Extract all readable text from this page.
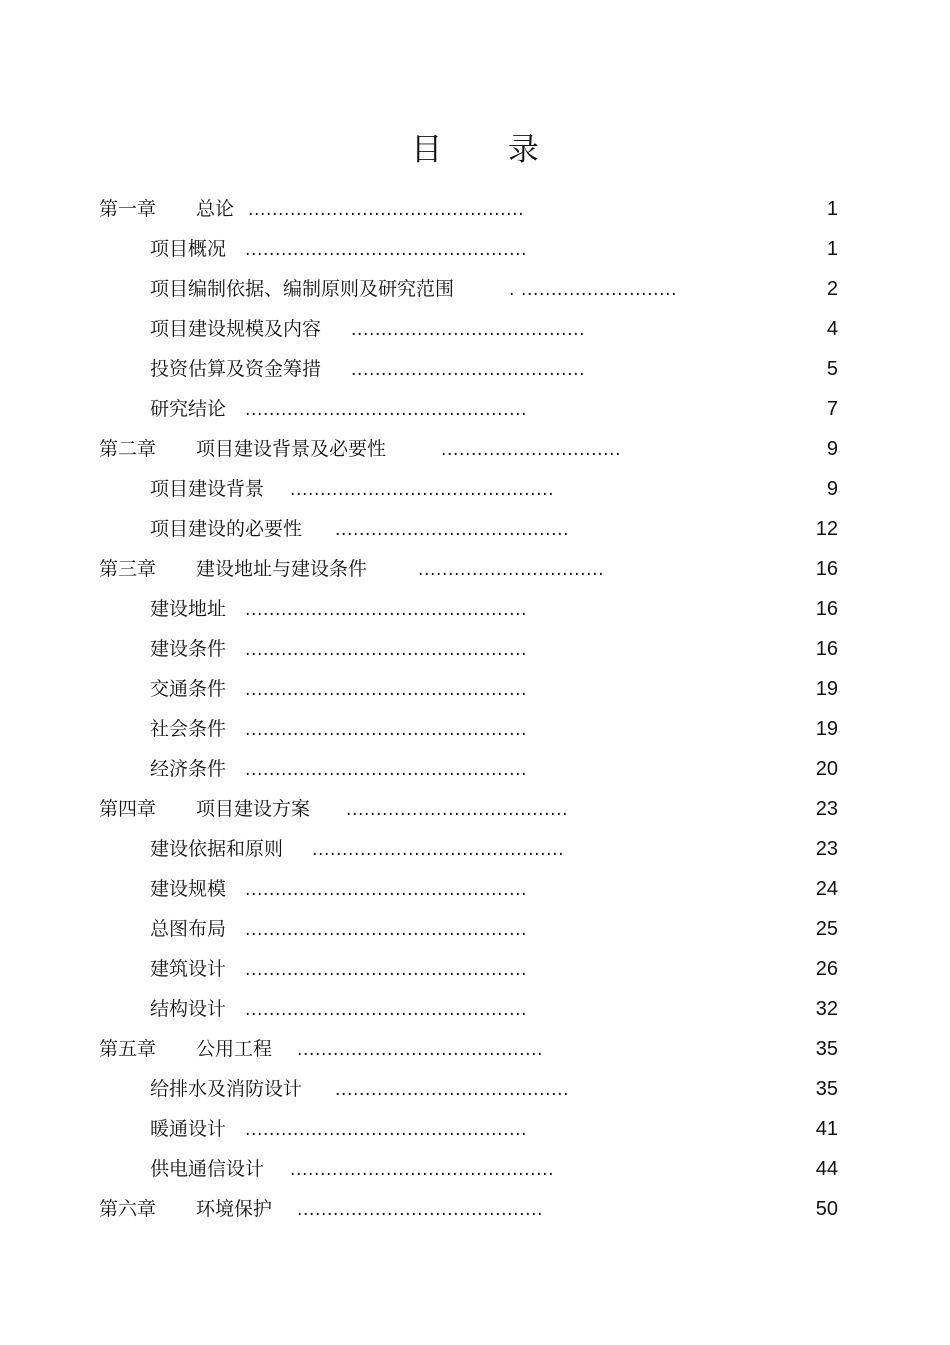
目 录
第一章 总论 ..............................................	1
项目概况 ...............................................	1
项目编制依据、编制原则及研究范围	. ..........................	2
项目建设规模及内容 .......................................	4
投资估算及资金筹措 .......................................	5
研究结论 ...............................................	7
第二章 项目建设背景及必要性	..............................	9
项目建设背景 ............................................	9
项目建设的必要性 .......................................	12
第三章 建设地址与建设条件	...............................	16
建设地址 ...............................................	16
建设条件 ...............................................	16
交通条件 ...............................................	19
社会条件 ...............................................	19
经济条件 ...............................................	20
第四章 项目建设方案 .....................................	23
建设依据和原则 ..........................................	23
建设规模 ...............................................	24
总图布局 ...............................................	25
建筑设计 ...............................................	26
结构设计 ...............................................	32
第五章 公用工程 .........................................	35
给排水及消防设计 .......................................	35
暖通设计 ...............................................	41
供电通信设计 ............................................	44
第六章 环境保护 .........................................	50
